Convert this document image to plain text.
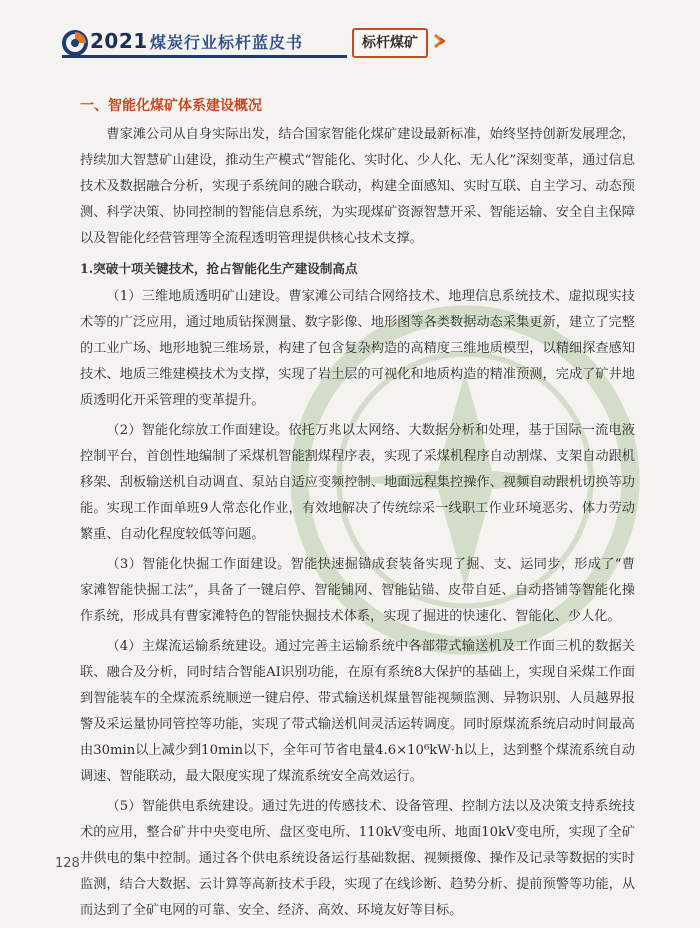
2021 煤炭行业标杆蓝皮书	标杆煤矿
一、智能化煤矿体系建设概况

曹家滩公司从自身实际出发，结合国家智能化煤矿建设最新标准，始终坚持创新发展理念，持续加大智慧矿山建设，推动生产模式“智能化、实时化、少人化、无人化”深刻变革，通过信息技术及数据融合分析，实现子系统间的融合联动，构建全面感知、实时互联、自主学习、动态预测、科学决策、协同控制的智能信息系统，为实现煤矿资源智慧开采、智能运输、安全自主保障以及智能化经营管理等全流程透明管理提供核心技术支撑。

1.突破十项关键技术，抢占智能化生产建设制高点

（1）三维地质透明矿山建设。曹家滩公司结合网络技术、地理信息系统技术、虚拟现实技术等的广泛应用，通过地质钻探测量、数字影像、地形图等各类数据动态采集更新，建立了完整的工业广场、地形地貌三维场景，构建了包含复杂构造的高精度三维地质模型，以精细探查感知技术、地质三维建模技术为支撑，实现了岩土层的可视化和地质构造的精准预测，完成了矿井地质透明化开采管理的变革提升。

（2）智能化综放工作面建设。依托万兆以太网络、大数据分析和处理，基于国际一流电液控制平台，首创性地编制了采煤机智能割煤程序表，实现了采煤机程序自动割煤、支架自动跟机移架、刮板输送机自动调直、泵站自适应变频控制、地面远程集控操作、视频自动跟机切换等功能。实现工作面单班9人常态化作业，有效地解决了传统综采一线职工作业环境恶劣、体力劳动繁重、自动化程度较低等问题。

（3）智能化快掘工作面建设。智能快速掘锚成套装备实现了掘、支、运同步，形成了“曹家滩智能快掘工法”，具备了一键启停、智能铺网、智能钻锚、皮带自延、自动搭铺等智能化操作系统，形成具有曹家滩特色的智能快掘技术体系，实现了掘进的快速化、智能化、少人化。

（4）主煤流运输系统建设。通过完善主运输系统中各部带式输送机及工作面三机的数据关联、融合及分析，同时结合智能AI识别功能，在原有系统8大保护的基础上，实现自采煤工作面到智能装车的全煤流系统顺逆一键启停、带式输送机煤量智能视频监测、异物识别、人员越界报警及采运量协同管控等功能，实现了带式输送机间灵活运转调度。同时原煤流系统启动时间最高由30min以上减少到10min以下，全年可节省电量4.6×10⁶kW·h以上，达到整个煤流系统自动调速、智能联动，最大限度实现了煤流系统安全高效运行。

（5）智能供电系统建设。通过先进的传感技术、设备管理、控制方法以及决策支持系统技术的应用，整合矿井中央变电所、盘区变电所、110kV变电所、地面10kV变电所，实现了全矿井供电的集中控制。通过各个供电系统设备运行基础数据、视频摄像、操作及记录等数据的实时监测，结合大数据、云计算等高新技术手段，实现了在线诊断、趋势分析、提前预警等功能，从而达到了全矿电网的可靠、安全、经济、高效、环境友好等目标。

128
